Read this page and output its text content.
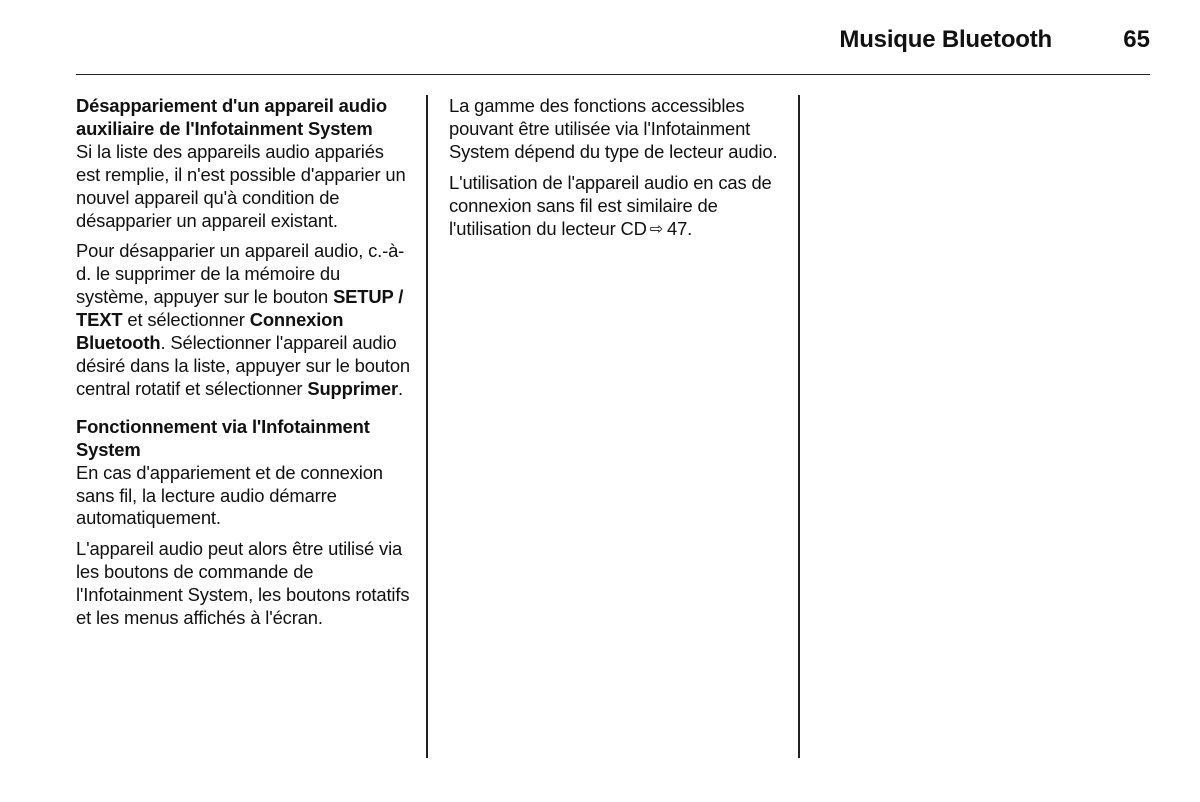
Musique Bluetooth	65

Désappariement d'un appareil audio auxiliaire de l'Infotainment System

Si la liste des appareils audio appariés est remplie, il n'est possible d'apparier un nouvel appareil qu'à condition de désapparier un appareil existant.

Pour désapparier un appareil audio, c.-à-d. le supprimer de la mémoire du système, appuyer sur le bouton SETUP / TEXT et sélectionner Connexion Bluetooth. Sélectionner l'appareil audio désiré dans la liste, appuyer sur le bouton central rotatif et sélectionner Supprimer.

Fonctionnement via l'Infotainment System

En cas d'appariement et de connexion sans fil, la lecture audio démarre automatiquement.

L'appareil audio peut alors être utilisé via les boutons de commande de l'Infotainment System, les boutons rotatifs et les menus affichés à l'écran.

La gamme des fonctions accessibles pouvant être utilisée via l'Infotainment System dépend du type de lecteur audio.

L'utilisation de l'appareil audio en cas de connexion sans fil est similaire de l'utilisation du lecteur CD ⇨ 47.
